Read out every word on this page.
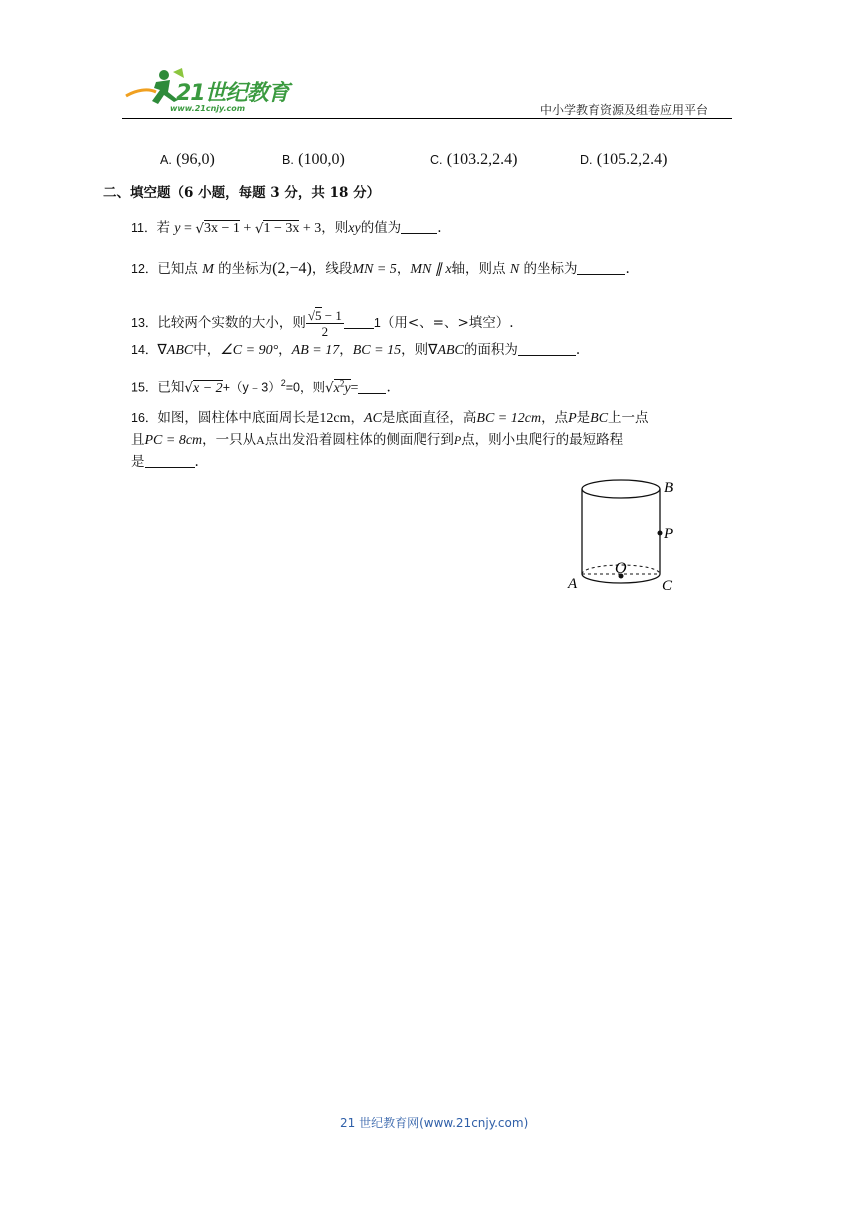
21世纪教育
www.21cnjy.com	中小学教育资源及组卷应用平台
A. (96,0)	B. (100,0)	C. (103.2,2.4)	D. (105.2,2.4)
二、填空题（6 小题，每题 3 分，共 18 分）
11．若 y = √3x − 1 + √1 − 3x + 3，则xy的值为	.
12．已知点 M 的坐标为(2,−4)，线段MN = 5，MN ∥ x轴，则点 N 的坐标为	.
13．比较两个实数的大小，则 $\frac{√5 - 1}{2} 1$（用<、=、>填空）.
14．∇ABC中，∠C = 90°，AB = 17，BC = 15，则∇ABC的面积为	.
15．已知√x − 2+（y﹣3）$^2$=0，则$√x^2y=$ .
16．如图，圆柱体中底面周长是12cm，AC是底面直径，高BC = 12cm，点P是BC上一点
且PC = 8cm，一只从A点出发沿着圆柱体的侧面爬行到P点，则小虫爬行的最短路程
是	.
B
P
O
A	C
21 世纪教育网(www.21cnjy.com)
